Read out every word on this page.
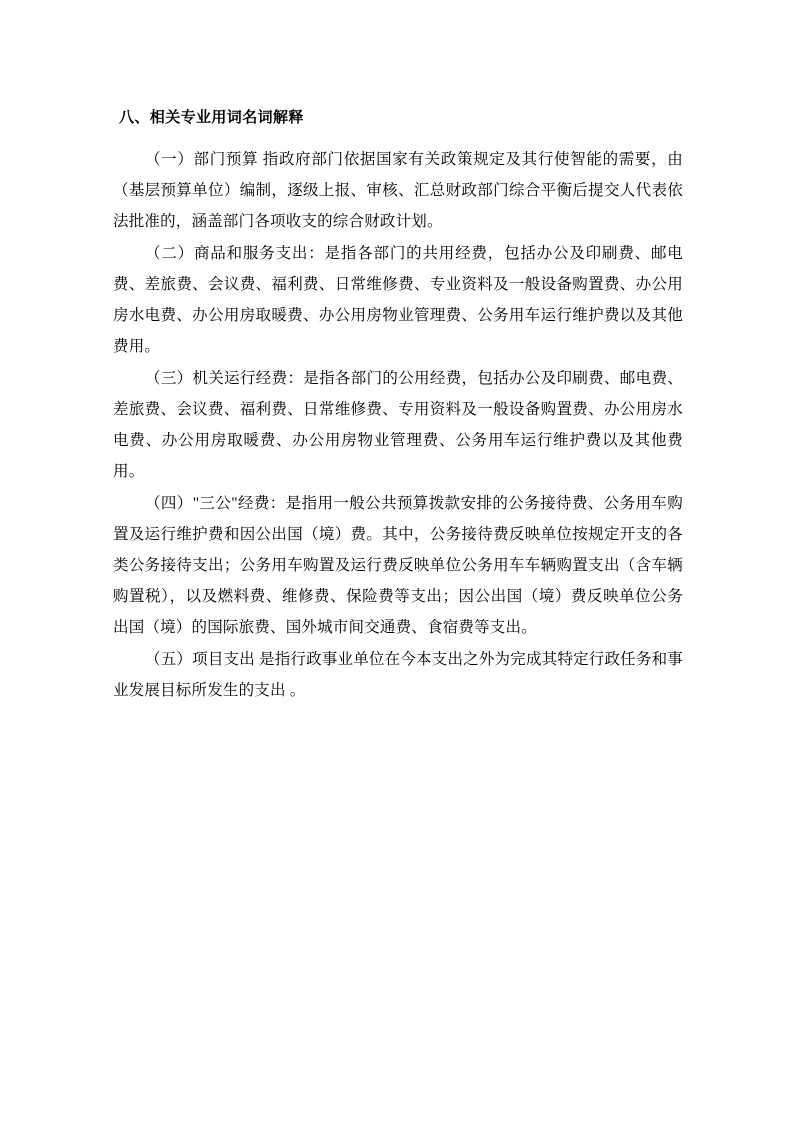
八、相关专业用词名词解释

（一）部门预算 指政府部门依据国家有关政策规定及其行使智能的需要，由（基层预算单位）编制，逐级上报、审核、汇总财政部门综合平衡后提交人代表依法批准的，涵盖部门各项收支的综合财政计划。

（二）商品和服务支出：是指各部门的共用经费，包括办公及印刷费、邮电费、差旅费、会议费、福利费、日常维修费、专业资料及一般设备购置费、办公用房水电费、办公用房取暖费、办公用房物业管理费、公务用车运行维护费以及其他费用。

（三）机关运行经费：是指各部门的公用经费，包括办公及印刷费、邮电费、差旅费、会议费、福利费、日常维修费、专用资料及一般设备购置费、办公用房水电费、办公用房取暖费、办公用房物业管理费、公务用车运行维护费以及其他费用。

（四）"三公"经费：是指用一般公共预算拨款安排的公务接待费、公务用车购置及运行维护费和因公出国（境）费。其中，公务接待费反映单位按规定开支的各类公务接待支出；公务用车购置及运行费反映单位公务用车车辆购置支出（含车辆购置税），以及燃料费、维修费、保险费等支出；因公出国（境）费反映单位公务出国（境）的国际旅费、国外城市间交通费、食宿费等支出。

（五）项目支出 是指行政事业单位在今本支出之外为完成其特定行政任务和事业发展目标所发生的支出 。
